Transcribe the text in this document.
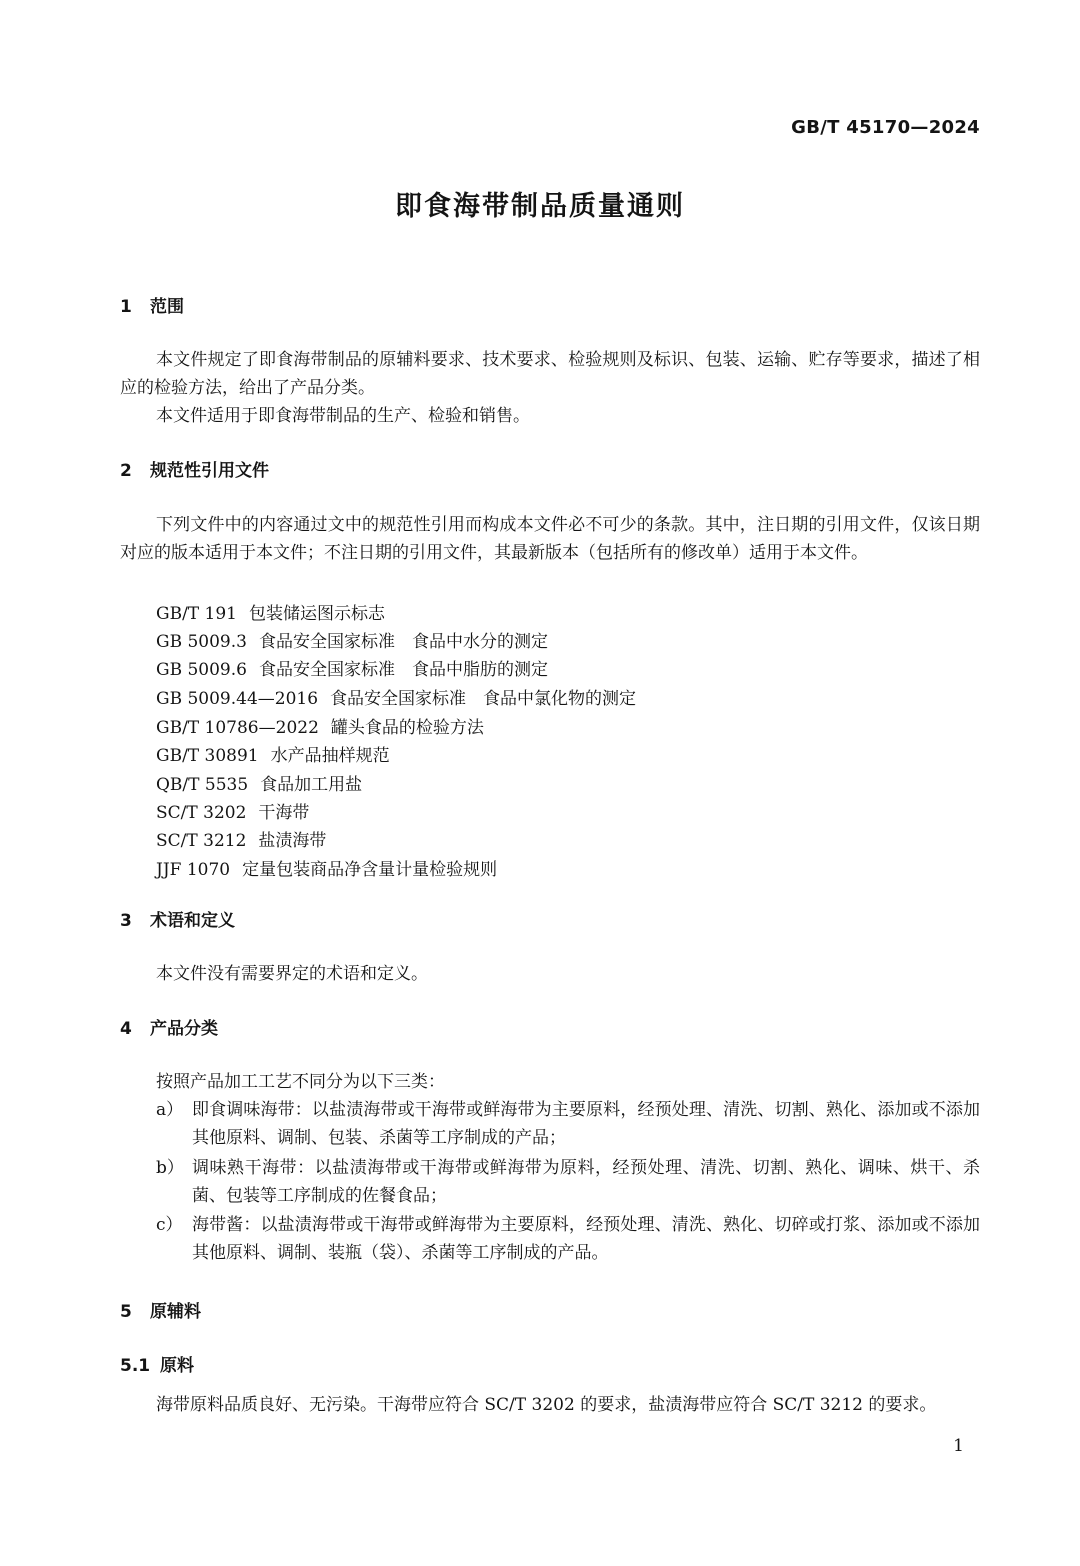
GB/T 45170—2024
即食海带制品质量通则
1 范围

本文件规定了即食海带制品的原辅料要求、技术要求、检验规则及标识、包装、运输、贮存等要求，描述了相应的检验方法，给出了产品分类。

本文件适用于即食海带制品的生产、检验和销售。

2 规范性引用文件

下列文件中的内容通过文中的规范性引用而构成本文件必不可少的条款。其中，注日期的引用文件，仅该日期对应的版本适用于本文件；不注日期的引用文件，其最新版本（包括所有的修改单）适用于本文件。

GB/T 191 包装储运图示标志
GB 5009.3 食品安全国家标准　食品中水分的测定
GB 5009.6 食品安全国家标准　食品中脂肪的测定
GB 5009.44—2016 食品安全国家标准　食品中氯化物的测定
GB/T 10786—2022 罐头食品的检验方法
GB/T 30891 水产品抽样规范
QB/T 5535 食品加工用盐
SC/T 3202 干海带
SC/T 3212 盐渍海带
JJF 1070 定量包装商品净含量计量检验规则
3 术语和定义

本文件没有需要界定的术语和定义。

4 产品分类

按照产品加工工艺不同分为以下三类：

a） 即食调味海带：以盐渍海带或干海带或鲜海带为主要原料，经预处理、清洗、切割、熟化、添加或不添加其他原料、调制、包装、杀菌等工序制成的产品；
b） 调味熟干海带：以盐渍海带或干海带或鲜海带为原料，经预处理、清洗、切割、熟化、调味、烘干、杀菌、包装等工序制成的佐餐食品；
c） 海带酱：以盐渍海带或干海带或鲜海带为主要原料，经预处理、清洗、熟化、切碎或打浆、添加或不添加其他原料、调制、装瓶（袋）、杀菌等工序制成的产品。
5 原辅料
5.1 原料

海带原料品质良好、无污染。干海带应符合 SC/T 3202 的要求，盐渍海带应符合 SC/T 3212 的要求。

1
